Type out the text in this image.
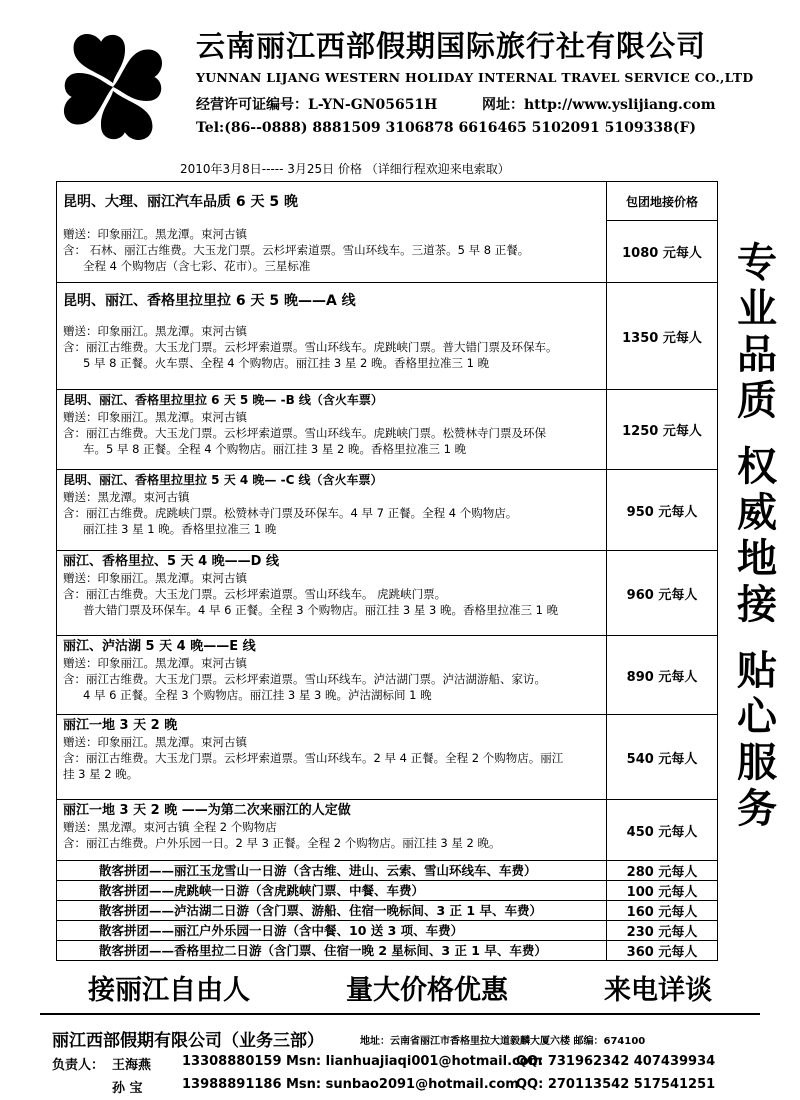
云南丽江西部假期国际旅行社有限公司
YUNNAN LIJANG WESTERN HOLIDAY INTERNAL TRAVEL SERVICE CO.,LTD
经营许可证编号：L-YN-GN05651H	网址：http://www.yslijiang.com
Tel:(86--0888) 8881509 3106878 6616465 5102091 5109338(F)
2010年3月8日----- 3月25日 价格 （详细行程欢迎来电索取）
昆明、大理、丽江汽车品质 6 天 5 晚
赠送：印象丽江。黑龙潭。束河古镇
含： 石林、丽江古维费。大玉龙门票。云杉坪索道票。雪山环线车。三道茶。5 早 8 正餐。
全程 4 个购物店（含七彩、花市）。三星标准
包团地接价格
1080 元每人
昆明、丽江、香格里拉里拉 6 天 5 晚——A 线
赠送：印象丽江。黑龙潭。束河古镇
含：丽江古维费。大玉龙门票。云杉坪索道票。雪山环线车。虎跳峡门票。普大错门票及环保车。
5 早 8 正餐。火车票、全程 4 个购物店。丽江挂 3 星 2 晚。香格里拉准三 1 晚
1350 元每人
昆明、丽江、香格里拉里拉 6 天 5 晚— -B 线（含火车票）
赠送：印象丽江。黑龙潭。束河古镇
含：丽江古维费。大玉龙门票。云杉坪索道票。雪山环线车。虎跳峡门票。松赞林寺门票及环保
车。5 早 8 正餐。全程 4 个购物店。丽江挂 3 星 2 晚。香格里拉准三 1 晚
1250 元每人
昆明、丽江、香格里拉里拉 5 天 4 晚— -C 线（含火车票）
赠送：黑龙潭。束河古镇
含：丽江古维费。虎跳峡门票。松赞林寺门票及环保车。4 早 7 正餐。全程 4 个购物店。
丽江挂 3 星 1 晚。香格里拉准三 1 晚
950 元每人
丽江、香格里拉、5 天 4 晚——D 线
赠送：印象丽江。黑龙潭。束河古镇
含：丽江古维费。大玉龙门票。云杉坪索道票。雪山环线车。 虎跳峡门票。
普大错门票及环保车。4 早 6 正餐。全程 3 个购物店。丽江挂 3 星 3 晚。香格里拉准三 1 晚
960 元每人
丽江、泸沽湖 5 天 4 晚——E 线
赠送：印象丽江。黑龙潭。束河古镇
含：丽江古维费。大玉龙门票。云杉坪索道票。雪山环线车。泸沽湖门票。泸沽湖游船、家访。
4 早 6 正餐。全程 3 个购物店。丽江挂 3 星 3 晚。泸沽湖标间 1 晚
890 元每人
丽江一地 3 天 2 晚
赠送：印象丽江。黑龙潭。束河古镇
含：丽江古维费。大玉龙门票。云杉坪索道票。雪山环线车。2 早 4 正餐。全程 2 个购物店。丽江
挂 3 星 2 晚。
540 元每人
丽江一地 3 天 2 晚 ——为第二次来丽江的人定做
赠送：黑龙潭。束河古镇 全程 2 个购物店
含：丽江古维费。户外乐园一日。2 早 3 正餐。全程 2 个购物店。丽江挂 3 星 2 晚。
450 元每人
散客拼团——丽江玉龙雪山一日游（含古维、进山、云索、雪山环线车、车费）	280 元每人
散客拼团——虎跳峡一日游（含虎跳峡门票、中餐、车费）	100 元每人
散客拼团——泸沽湖二日游（含门票、游船、住宿一晚标间、3 正 1 早、车费）	160 元每人
散客拼团——丽江户外乐园一日游（含中餐、10 送 3 项、车费）	230 元每人
散客拼团——香格里拉二日游（含门票、住宿一晚 2 星标间、3 正 1 早、车费）	360 元每人
专
业
品
质
权
威
地
接
贴
心
服
务
接丽江自由人	量大价格优惠	来电详谈
丽江西部假期有限公司（业务三部）	地址：云南省丽江市香格里拉大道毅麟大厦六楼 邮编：674100
负责人： 王海燕 13308880159 Msn: lianhuajiaqi001@hotmail.com
QQ: 731962342 407439934
孙 宝	13988891186 Msn: sunbao2091@hotmail.com
QQ: 270113542 517541251
